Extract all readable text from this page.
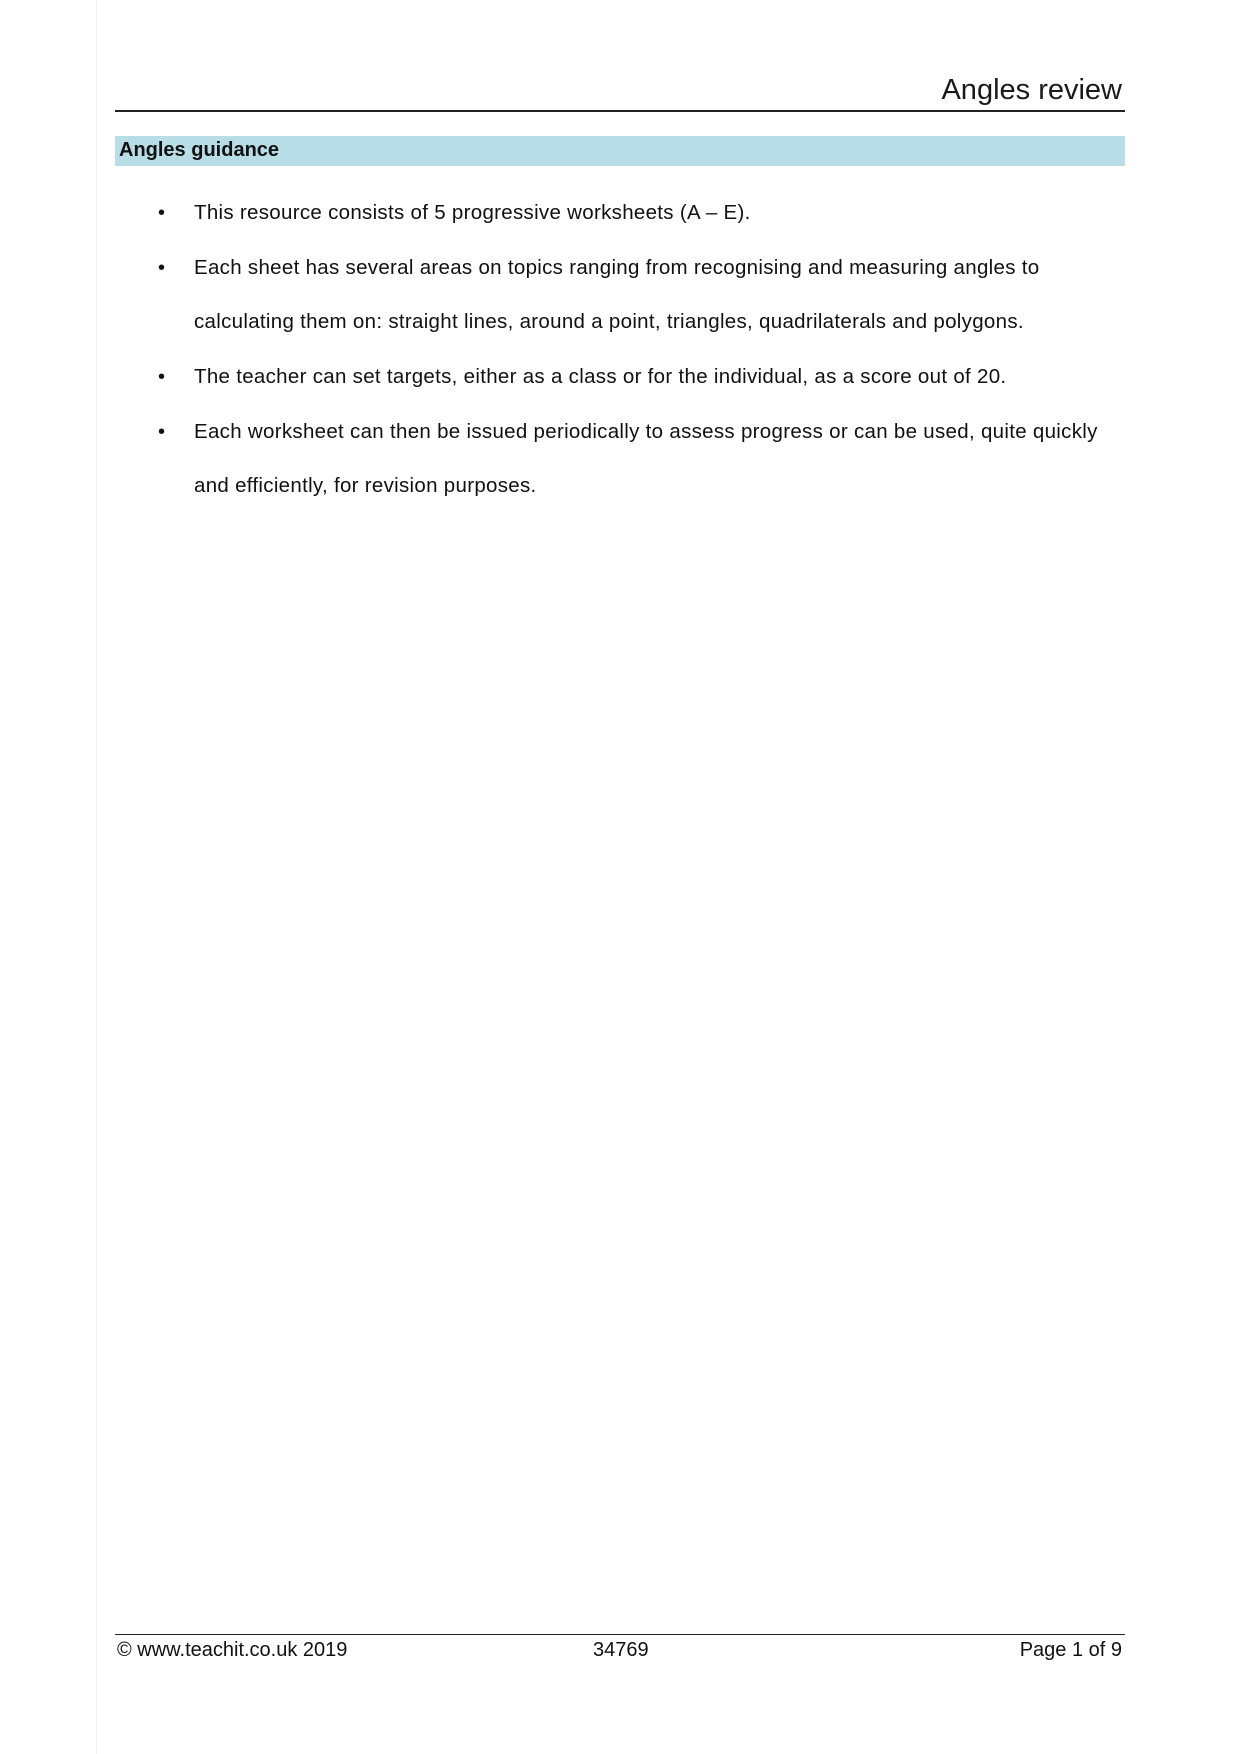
Angles review
Angles guidance
• This resource consists of 5 progressive worksheets (A – E).
• Each sheet has several areas on topics ranging from recognising and measuring angles to calculating them on: straight lines, around a point, triangles, quadrilaterals and polygons.
• The teacher can set targets, either as a class or for the individual, as a score out of 20.
• Each worksheet can then be issued periodically to assess progress or can be used, quite quickly and efficiently, for revision purposes.
© www.teachit.co.uk 2019	34769	Page 1 of 9
